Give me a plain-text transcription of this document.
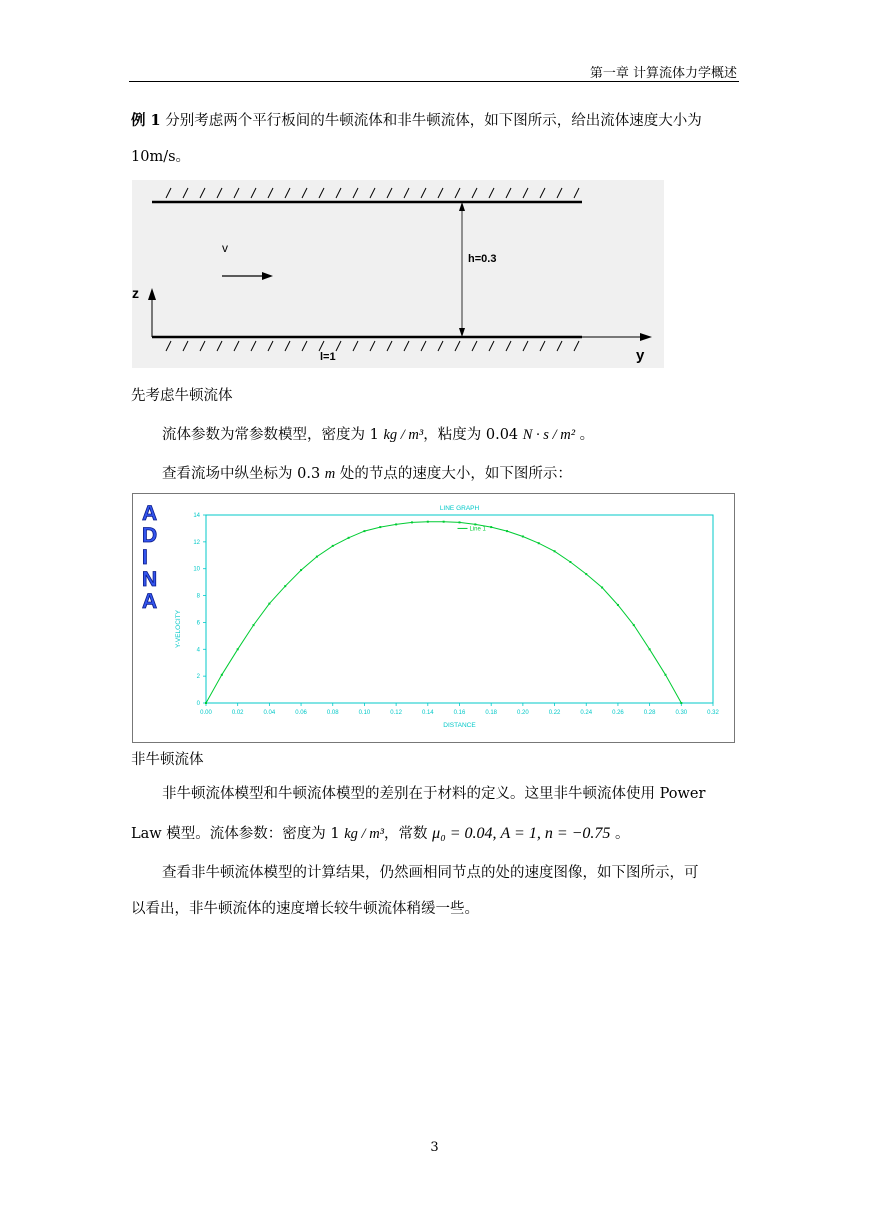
第一章 计算流体力学概述
例 1 分别考虑两个平行板间的牛顿流体和非牛顿流体，如下图所示，给出流体速度大小为
10m/s。
v
h=0.3
l=1
z
y
先考虑牛顿流体
流体参数为常参数模型，密度为 1 kg / m³，粘度为 0.04 N · s / m² 。
查看流场中纵坐标为 0.3 m 处的节点的速度大小，如下图所示：
A
D
I
N
A
LINE GRAPH
0.00	0.02	0.04	0.06	0.08	0.10	0.12	0.14	0.16	0.18	0.20	0.22	0.24	0.26	0.28	0.30	0.32
0
2
4
6
8
10
12
14
DISTANCE
Y-VELOCITY
Line 1
非牛顿流体
非牛顿流体模型和牛顿流体模型的差别在于材料的定义。这里非牛顿流体使用 Power
Law 模型。流体参数：密度为 1 kg / m³，常数 μ₀ = 0.04, A = 1, n = −0.75 。
查看非牛顿流体模型的计算结果，仍然画相同节点的处的速度图像，如下图所示，可
以看出，非牛顿流体的速度增长较牛顿流体稍缓一些。
3
